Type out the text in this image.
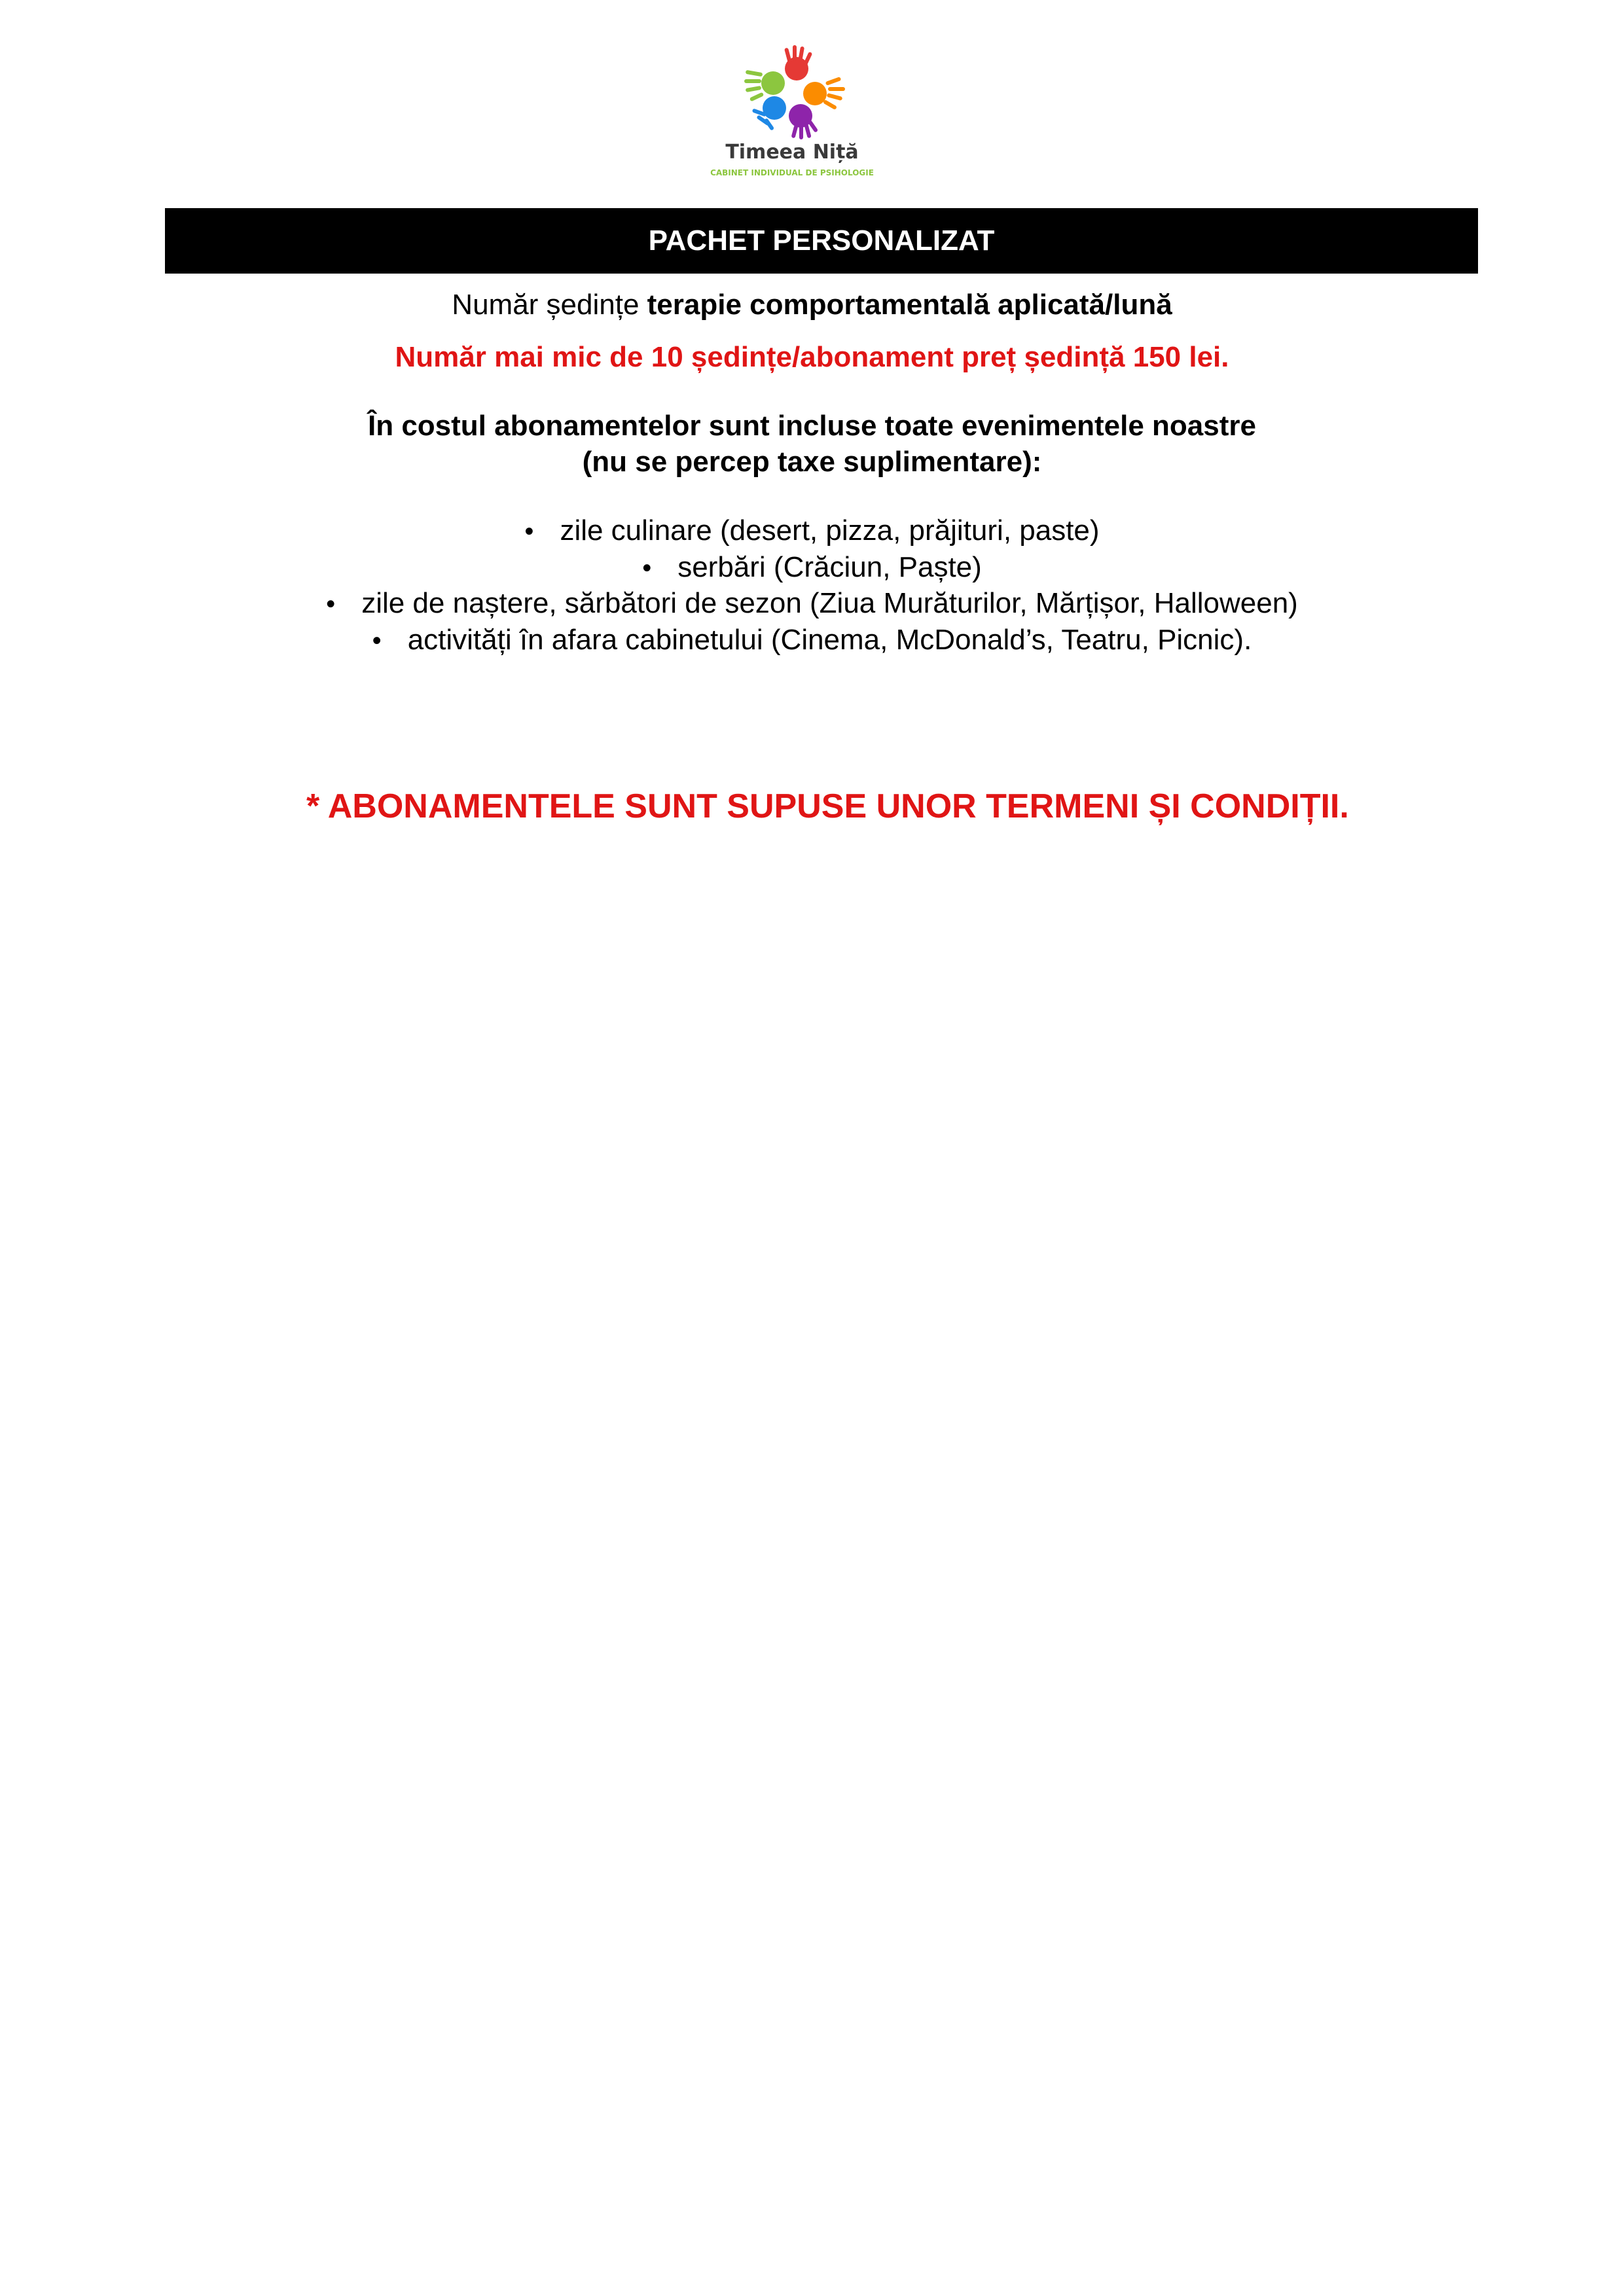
Timeea Niță
CABINET INDIVIDUAL DE PSIHOLOGIE
PACHET PERSONALIZAT
Număr ședințe terapie comportamentală aplicată/lună
Număr mai mic de 10 ședințe/abonament preț ședință 150 lei.
În costul abonamentelor sunt incluse toate evenimentele noastre
(nu se percep taxe suplimentare):
• zile culinare (desert, pizza, prăjituri, paste)
• serbări (Crăciun, Paște)
• zile de naștere, sărbători de sezon (Ziua Murăturilor, Mărțișor, Halloween)
• activități în afara cabinetului (Cinema, McDonald’s, Teatru, Picnic).
* ABONAMENTELE SUNT SUPUSE UNOR TERMENI ȘI CONDIȚII.
